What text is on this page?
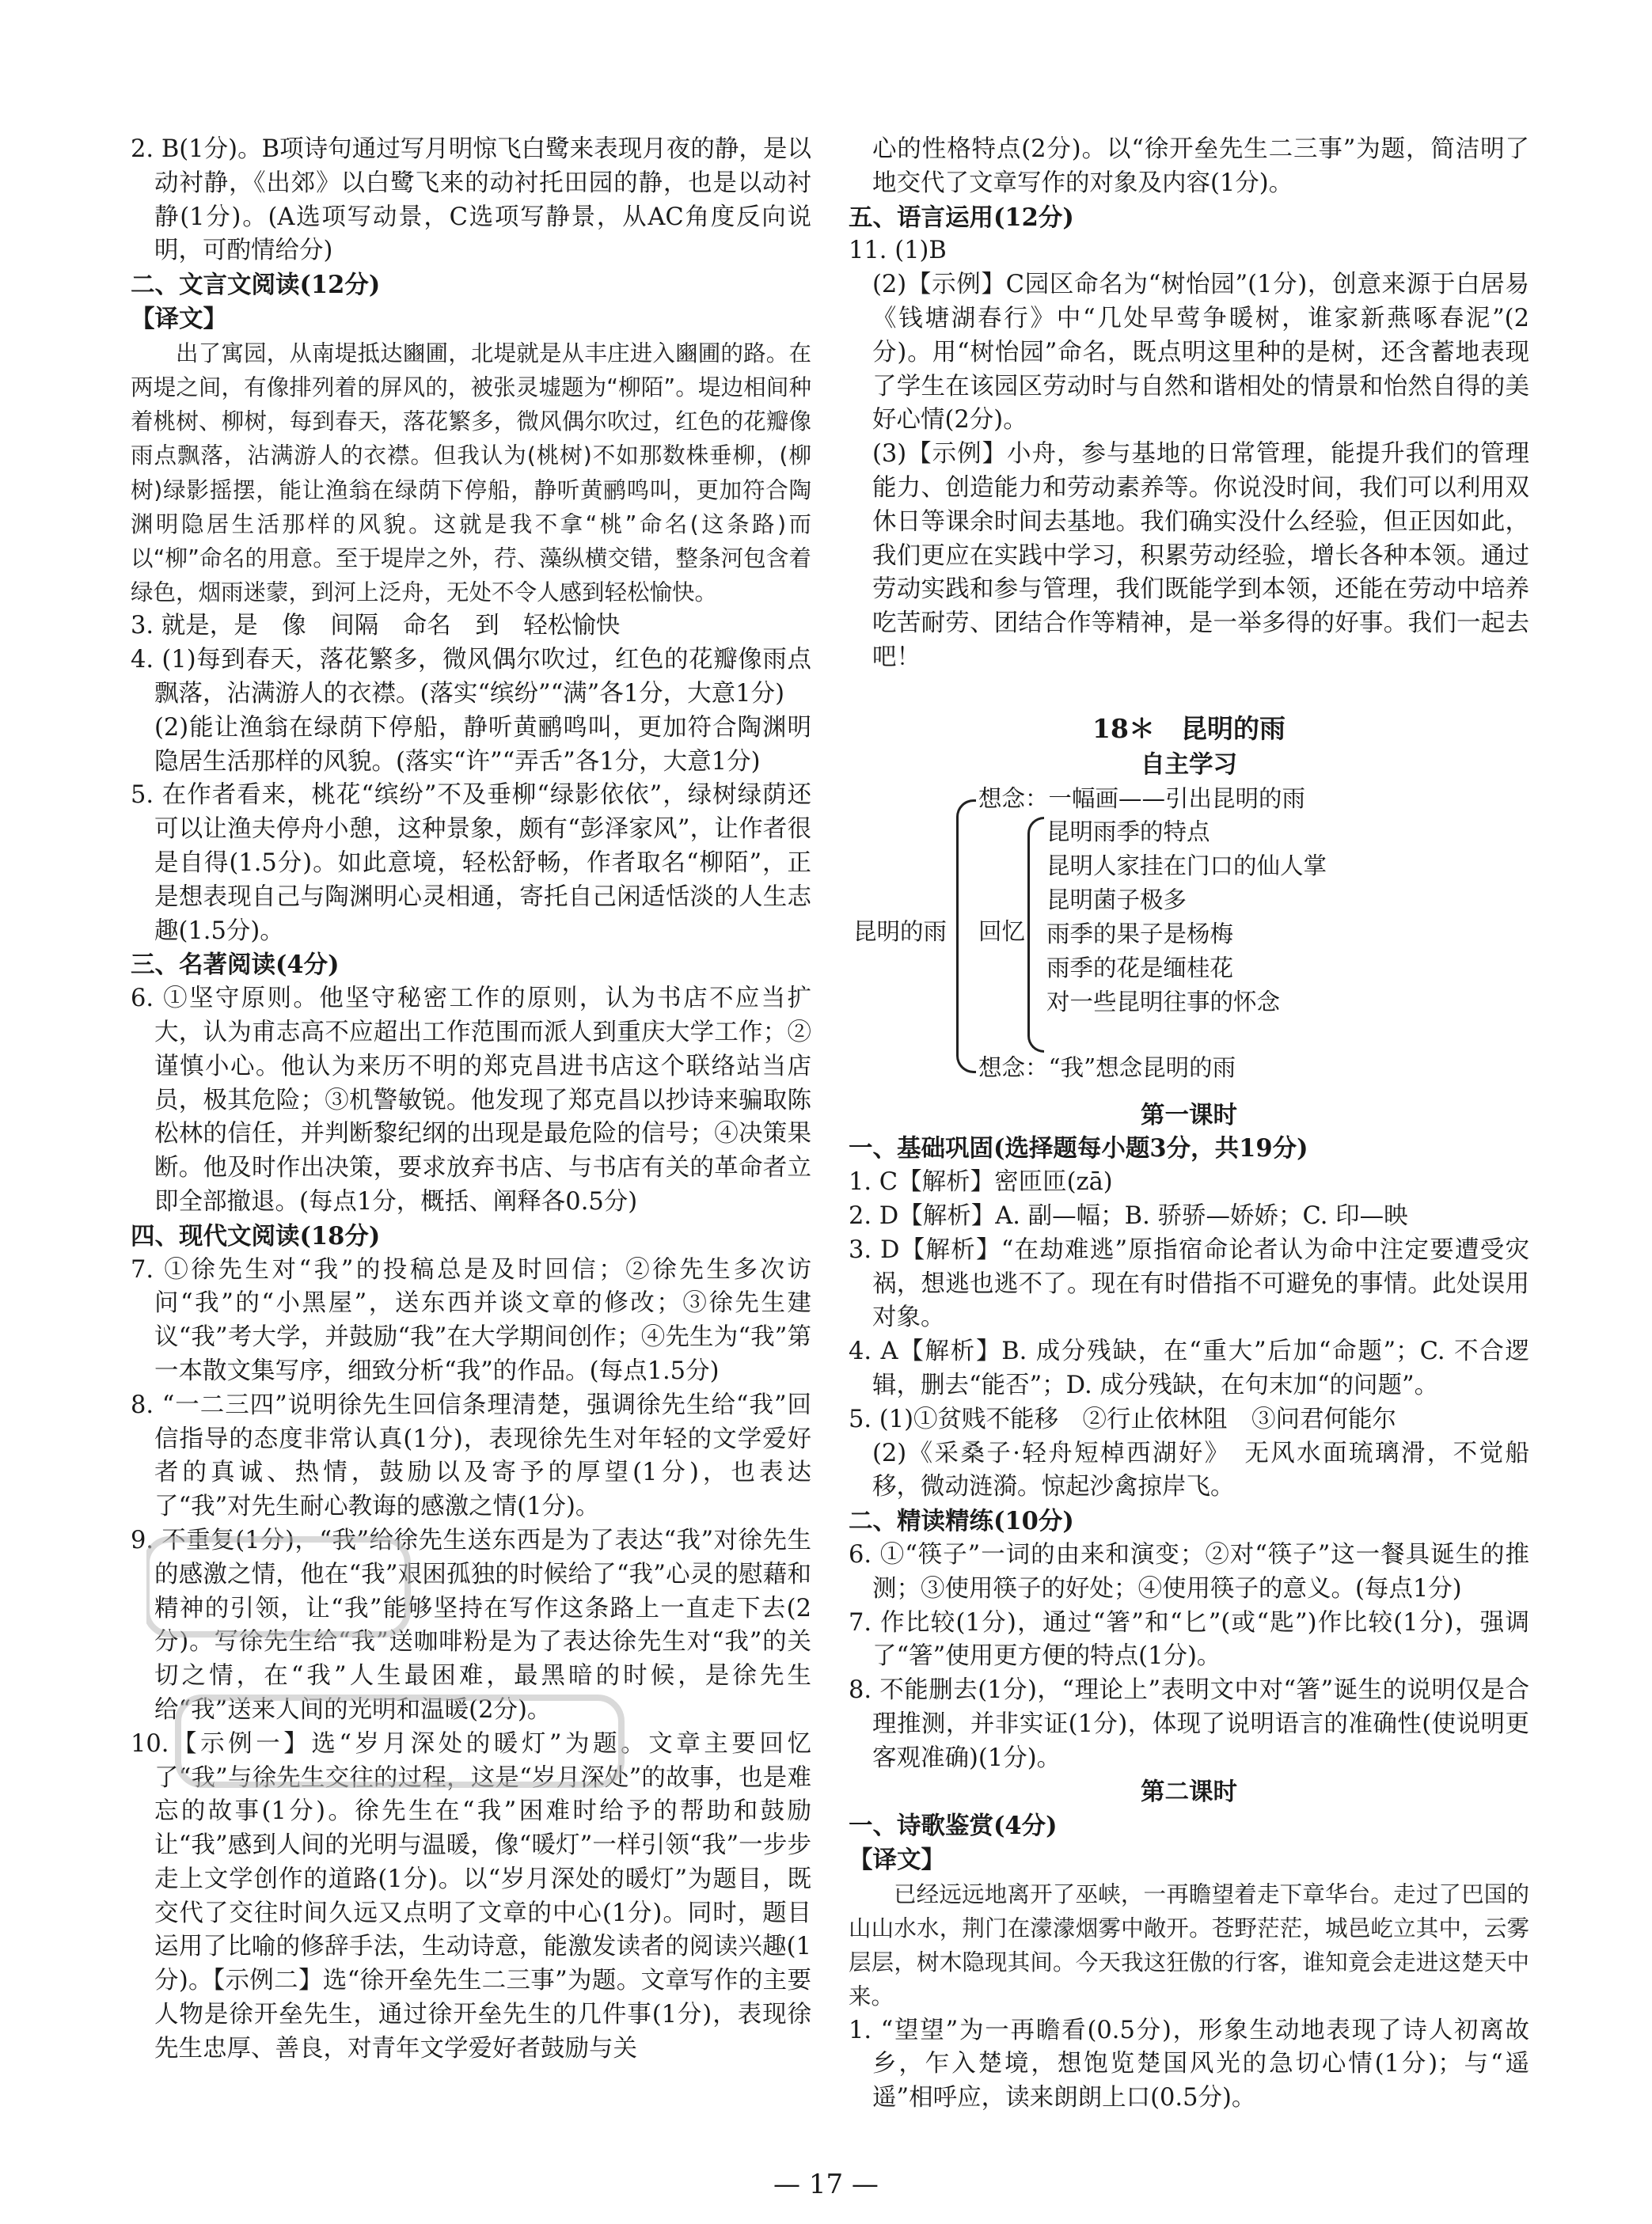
2. B(1分)。B项诗句通过写月明惊飞白鹭来表现月夜的静，是以动衬静，《出郊》以白鹭飞来的动衬托田园的静，也是以动衬静(1分)。(A选项写动景，C选项写静景，从AC角度反向说明，可酌情给分)

二、文言文阅读(12分)

【译文】

出了寓园，从南堤抵达豳圃，北堤就是从丰庄进入豳圃的路。在两堤之间，有像排列着的屏风的，被张灵墟题为“柳陌”。堤边相间种着桃树、柳树，每到春天，落花繁多，微风偶尔吹过，红色的花瓣像雨点飘落，沾满游人的衣襟。但我认为(桃树)不如那数株垂柳，(柳树)绿影摇摆，能让渔翁在绿荫下停船，静听黄鹂鸣叫，更加符合陶渊明隐居生活那样的风貌。这就是我不拿“桃”命名(这条路)而以“柳”命名的用意。至于堤岸之外，荇、藻纵横交错，整条河包含着绿色，烟雨迷蒙，到河上泛舟，无处不令人感到轻松愉快。

3. 就是，是　像　间隔　命名　到　轻松愉快

4. (1)每到春天，落花繁多，微风偶尔吹过，红色的花瓣像雨点飘落，沾满游人的衣襟。(落实“缤纷”“满”各1分，大意1分)

(2)能让渔翁在绿荫下停船，静听黄鹂鸣叫，更加符合陶渊明隐居生活那样的风貌。(落实“许”“弄舌”各1分，大意1分)

5. 在作者看来，桃花“缤纷”不及垂柳“绿影依依”，绿树绿荫还可以让渔夫停舟小憩，这种景象，颇有“彭泽家风”，让作者很是自得(1.5分)。如此意境，轻松舒畅，作者取名“柳陌”，正是想表现自己与陶渊明心灵相通，寄托自己闲适恬淡的人生志趣(1.5分)。

三、名著阅读(4分)

6. ①坚守原则。他坚守秘密工作的原则，认为书店不应当扩大，认为甫志高不应超出工作范围而派人到重庆大学工作；②谨慎小心。他认为来历不明的郑克昌进书店这个联络站当店员，极其危险；③机警敏锐。他发现了郑克昌以抄诗来骗取陈松林的信任，并判断黎纪纲的出现是最危险的信号；④决策果断。他及时作出决策，要求放弃书店、与书店有关的革命者立即全部撤退。(每点1分，概括、阐释各0.5分)

四、现代文阅读(18分)

7. ①徐先生对“我”的投稿总是及时回信；②徐先生多次访问“我”的“小黑屋”，送东西并谈文章的修改；③徐先生建议“我”考大学，并鼓励“我”在大学期间创作；④先生为“我”第一本散文集写序，细致分析“我”的作品。(每点1.5分)

8. “一二三四”说明徐先生回信条理清楚，强调徐先生给“我”回信指导的态度非常认真(1分)，表现徐先生对年轻的文学爱好者的真诚、热情，鼓励以及寄予的厚望(1分)，也表达了“我”对先生耐心教诲的感激之情(1分)。

9. 不重复(1分)，“我”给徐先生送东西是为了表达“我”对徐先生的感激之情，他在“我”艰困孤独的时候给了“我”心灵的慰藉和精神的引领，让“我”能够坚持在写作这条路上一直走下去(2分)。写徐先生给“我”送咖啡粉是为了表达徐先生对“我”的关切之情，在“我”人生最困难，最黑暗的时候，是徐先生给“我”送来人间的光明和温暖(2分)。

10.【示例一】选“岁月深处的暖灯”为题。文章主要回忆了“我”与徐先生交往的过程，这是“岁月深处”的故事，也是难忘的故事(1分)。徐先生在“我”困难时给予的帮助和鼓励让“我”感到人间的光明与温暖，像“暖灯”一样引领“我”一步步走上文学创作的道路(1分)。以“岁月深处的暖灯”为题目，既交代了交往时间久远又点明了文章的中心(1分)。同时，题目运用了比喻的修辞手法，生动诗意，能激发读者的阅读兴趣(1分)。【示例二】选“徐开垒先生二三事”为题。文章写作的主要人物是徐开垒先生，通过徐开垒先生的几件事(1分)，表现徐先生忠厚、善良，对青年文学爱好者鼓励与关

心的性格特点(2分)。以“徐开垒先生二三事”为题，简洁明了地交代了文章写作的对象及内容(1分)。

五、语言运用(12分)

11. (1)B

(2)【示例】C园区命名为“树怡园”(1分)，创意来源于白居易《钱塘湖春行》中“几处早莺争暖树，谁家新燕啄春泥”(2分)。用“树怡园”命名，既点明这里种的是树，还含蓄地表现了学生在该园区劳动时与自然和谐相处的情景和怡然自得的美好心情(2分)。

(3)【示例】小舟，参与基地的日常管理，能提升我们的管理能力、创造能力和劳动素养等。你说没时间，我们可以利用双休日等课余时间去基地。我们确实没什么经验，但正因如此，我们更应在实践中学习，积累劳动经验，增长各种本领。通过劳动实践和参与管理，我们既能学到本领，还能在劳动中培养吃苦耐劳、团结合作等精神，是一举多得的好事。我们一起去吧！

18＊　昆明的雨

自主学习

昆明的雨
想念：一幅画——引出昆明的雨
回忆
昆明雨季的特点
昆明人家挂在门口的仙人掌
昆明菌子极多
雨季的果子是杨梅
雨季的花是缅桂花
对一些昆明往事的怀念
想念：“我”想念昆明的雨

第一课时

一、基础巩固(选择题每小题3分，共19分)

1. C【解析】密匝匝(zā)

2. D【解析】A. 副—幅；B. 骄骄—娇娇；C. 印—映

3. D【解析】“在劫难逃”原指宿命论者认为命中注定要遭受灾祸，想逃也逃不了。现在有时借指不可避免的事情。此处误用对象。

4. A【解析】B. 成分残缺，在“重大”后加“命题”；C. 不合逻辑，删去“能否”；D. 成分残缺，在句末加“的问题”。

5. (1)①贫贱不能移　②行止依林阻　③问君何能尔

(2)《采桑子·轻舟短棹西湖好》　无风水面琉璃滑，不觉船移，微动涟漪。惊起沙禽掠岸飞。

二、精读精练(10分)

6. ①“筷子”一词的由来和演变；②对“筷子”这一餐具诞生的推测；③使用筷子的好处；④使用筷子的意义。(每点1分)

7. 作比较(1分)，通过“箸”和“匕”(或“匙”)作比较(1分)，强调了“箸”使用更方便的特点(1分)。

8. 不能删去(1分)，“理论上”表明文中对“箸”诞生的说明仅是合理推测，并非实证(1分)，体现了说明语言的准确性(使说明更客观准确)(1分)。

第二课时

一、诗歌鉴赏(4分)

【译文】

已经远远地离开了巫峡，一再瞻望着走下章华台。走过了巴国的山山水水，荆门在濛濛烟雾中敞开。苍野茫茫，城邑屹立其中，云雾层层，树木隐现其间。今天我这狂傲的行客，谁知竟会走进这楚天中来。

1. “望望”为一再瞻看(0.5分)，形象生动地表现了诗人初离故乡，乍入楚境，想饱览楚国风光的急切心情(1分)；与“遥遥”相呼应，读来朗朗上口(0.5分)。

— 17 —
